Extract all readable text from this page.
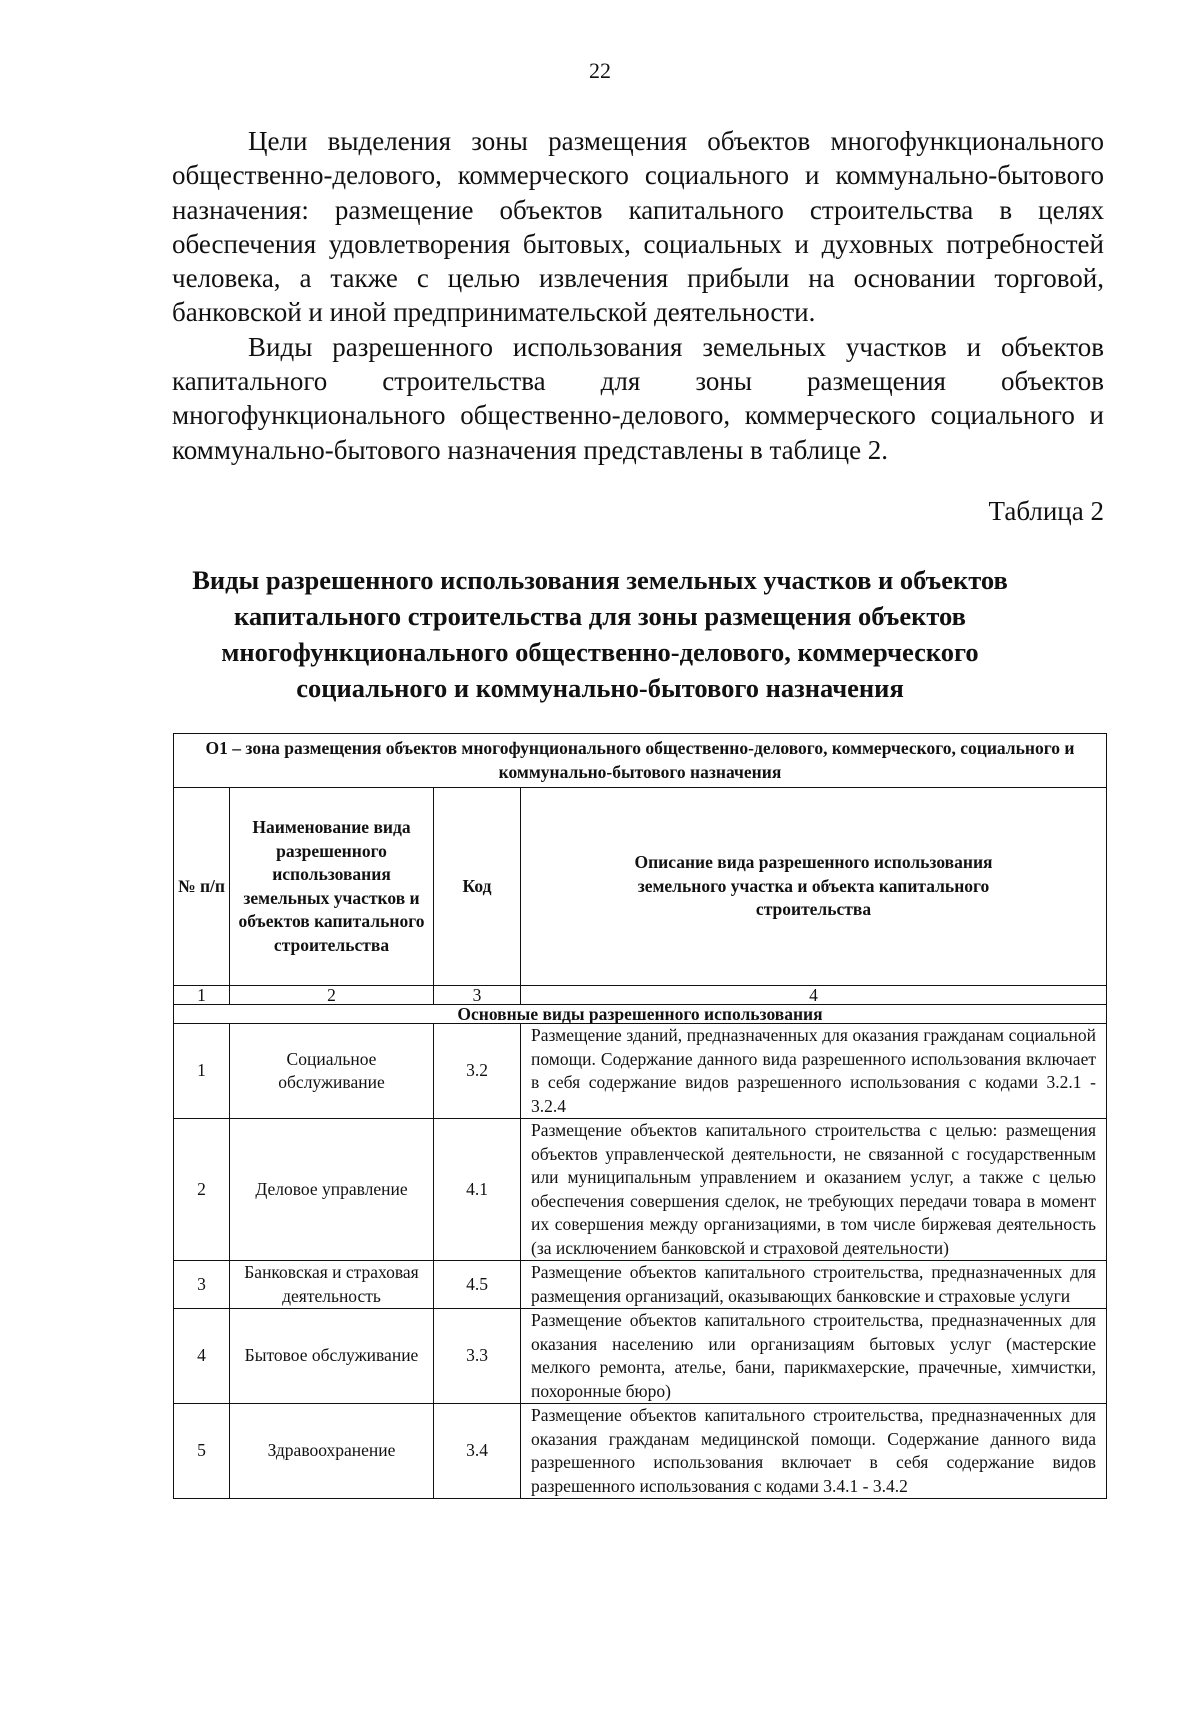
22

Цели выделения зоны размещения объектов многофункционального общественно-делового, коммерческого социального и коммунально-бытового назначения: размещение объектов капитального строительства в целях обеспечения удовлетворения бытовых, социальных и духовных потребностей человека, а также с целью извлечения прибыли на основании торговой, банковской и иной предпринимательской деятельности.

Виды разрешенного использования земельных участков и объектов капитального строительства для зоны размещения объектов многофункционального общественно-делового, коммерческого социального и коммунально-бытового назначения представлены в таблице 2.

Таблица 2
Виды разрешенного использования земельных участков и объектов капитального строительства для зоны размещения объектов многофункционального общественно-делового, коммерческого социального и коммунально-бытового назначения
О1 – зона размещения объектов многофунционального общественно-делового, коммерческого, социального и коммунально-бытового назначения			
№ п/п	Наименование вида разрешенного использования земельных участков и объектов капитального строительства	Код	Описание вида разрешенного использования земельного участка и объекта капитального строительства
1	2	3	4
Основные виды разрешенного использования			
1	Социальное обслуживание	3.2	Размещение зданий, предназначенных для оказания гражданам социальной помощи. Содержание данного вида разрешенного использования включает в себя содержание видов разрешенного использования с кодами 3.2.1 - 3.2.4
2	Деловое управление	4.1	Размещение объектов капитального строительства с целью: размещения объектов управленческой деятельности, не связанной с государственным или муниципальным управлением и оказанием услуг, а также с целью обеспечения совершения сделок, не требующих передачи товара в момент их совершения между организациями, в том числе биржевая деятельность (за исключением банковской и страховой деятельности)
3	Банковская и страховая деятельность	4.5	Размещение объектов капитального строительства, предназначенных для размещения организаций, оказывающих банковские и страховые услуги
4	Бытовое обслуживание	3.3	Размещение объектов капитального строительства, предназначенных для оказания населению или организациям бытовых услуг (мастерские мелкого ремонта, ателье, бани, парикмахерские, прачечные, химчистки, похоронные бюро)
5	Здравоохранение	3.4	Размещение объектов капитального строительства, предназначенных для оказания гражданам медицинской помощи. Содержание данного вида разрешенного использования включает в себя содержание видов разрешенного использования с кодами 3.4.1 - 3.4.2
